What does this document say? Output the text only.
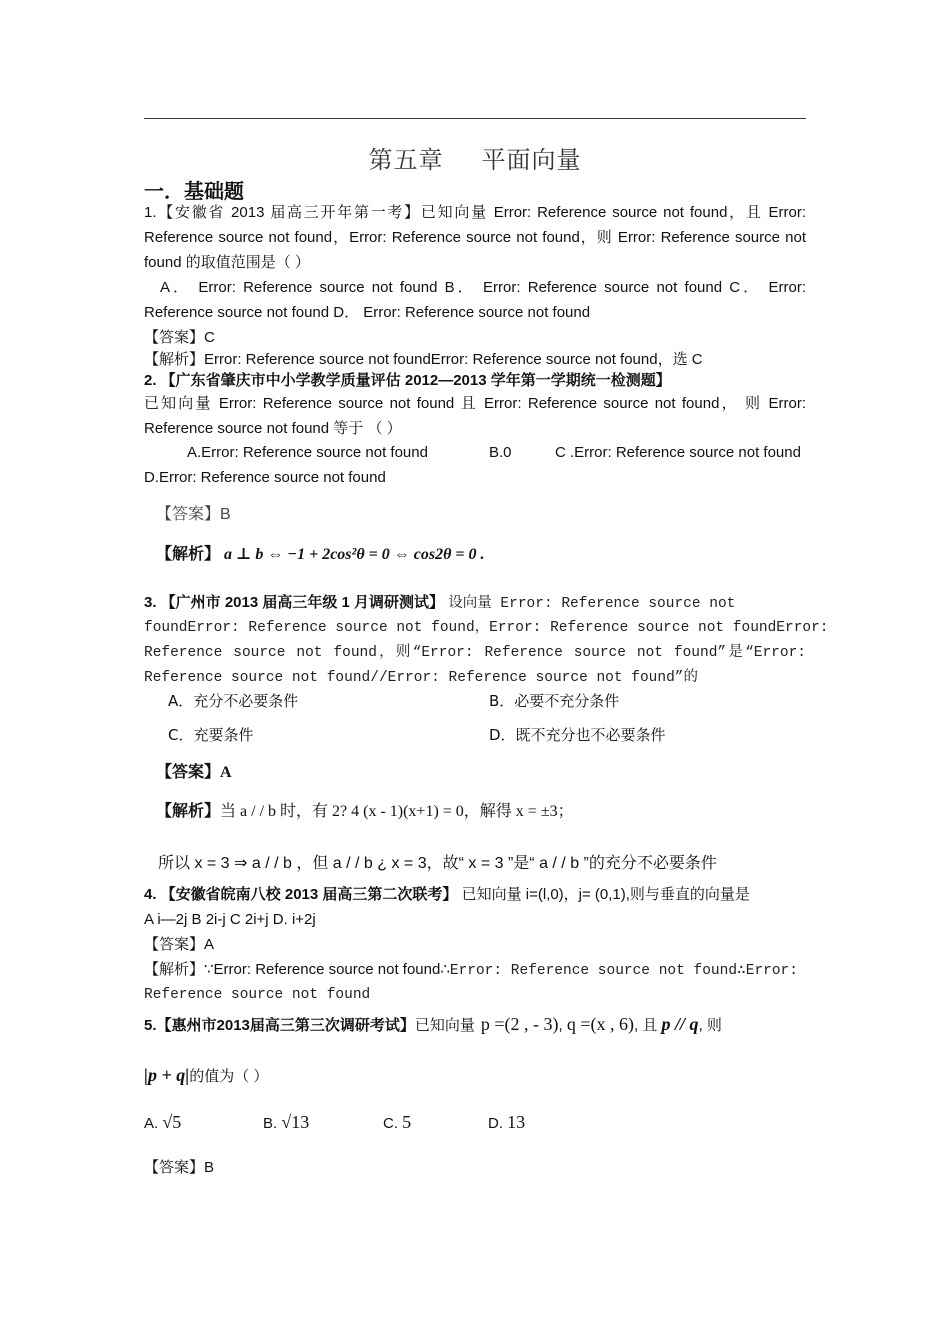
第五章 平面向量
一．基础题
1.【安徽省 2013 届高三开年第一考】已知向量 Error: Reference source not found，且 Error:
Reference source not found，Error: Reference source not found，则 Error: Reference source not
found 的取值范围是（ ）
A． Error: Reference source not found B． Error: Reference source not found C． Error:
Reference source not found D． Error: Reference source not found
【答案】C
【解析】Error: Reference source not foundError: Reference source not found，选 C
2. 【广东省肇庆市中小学教学质量评估 2012—2013 学年第一学期统一检测题】
已知向量 Error: Reference source not found 且 Error: Reference source not found， 则 Error:
Reference source not found 等于 （ ）
A.Error: Reference source not found	B.0	C .Error: Reference source not found
D.Error: Reference source not found
【答案】B
【解析】 a ⊥ b ⇔ −1 + 2cos²θ = 0 ⇔ cos2θ = 0 .
3. 【广州市 2013 届高三年级 1 月调研测试】 设向量 Error: Reference source not
foundError: Reference source not found，Error: Reference source not foundError:
Reference source not found，则“Error: Reference source not found”是“Error:
Reference source not found//Error: Reference source not found”的
A．充分不必要条件	B．必要不充分条件
C．充要条件	D．既不充分也不必要条件
【答案】A
【解析】当 a / / b 时，有 2? 4 (x - 1)(x+1) = 0，解得 x = ±3；
所以 x = 3 ⇒ a / / b ，但 a / / b ¿ x = 3，故“ x = 3 ”是“ a / / b ”的充分不必要条件
4. 【安徽省皖南八校 2013 届高三第二次联考】 已知向量 i=(l,0)，j= (0,1),则与垂直的向量是
A i—2j B 2i-j C 2i+j D. i+2j
【答案】A
【解析】∵Error: Reference source not found∴Error: Reference source not found∴Error:
Reference source not found
5.【惠州市2013届高三第三次调研考试】已知向量 p =(2 , - 3), q =(x , 6), 且 p // q, 则
|p + q|的值为（ ）
A. √5	B. √13	C. 5	D. 13
【答案】B
